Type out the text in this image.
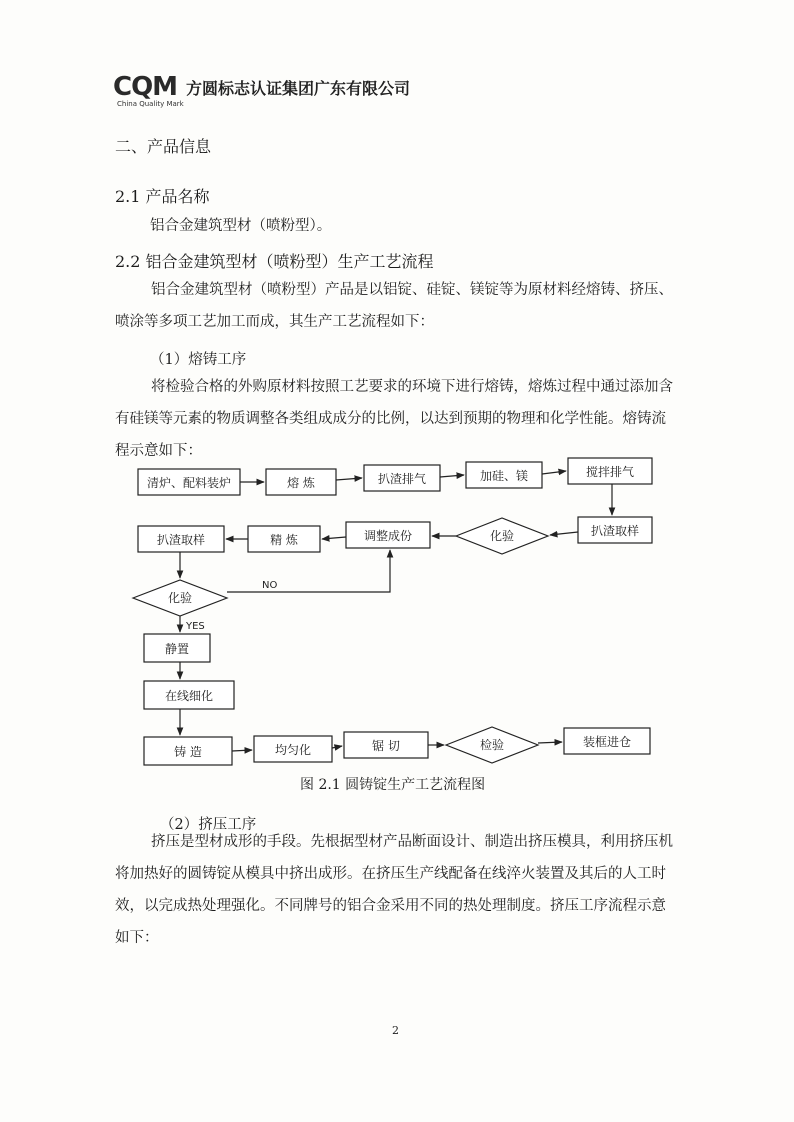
CQM
China Quality Mark
方圆标志认证集团广东有限公司
二、产品信息
2.1 产品名称
铝合金建筑型材（喷粉型）。
2.2 铝合金建筑型材（喷粉型）生产工艺流程
铝合金建筑型材（喷粉型）产品是以铝锭、硅锭、镁锭等为原材料经熔铸、挤压、喷涂等多项工艺加工而成，其生产工艺流程如下：
（1）熔铸工序
将检验合格的外购原材料按照工艺要求的环境下进行熔铸，熔炼过程中通过添加含有硅镁等元素的物质调整各类组成成分的比例，以达到预期的物理和化学性能。熔铸流程示意如下：
清炉、配料装炉	熔 炼	扒渣排气	加硅、镁	搅拌排气
扒渣取样
化验
调整成份
精 炼
扒渣取样
化验
静置
在线细化
铸 造	均匀化	锯 切	检验	装框进仓
NO
YES
图 2.1 圆铸锭生产工艺流程图
（2）挤压工序
挤压是型材成形的手段。先根据型材产品断面设计、制造出挤压模具，利用挤压机将加热好的圆铸锭从模具中挤出成形。在挤压生产线配备在线淬火装置及其后的人工时效，以完成热处理强化。不同牌号的铝合金采用不同的热处理制度。挤压工序流程示意如下：
2
